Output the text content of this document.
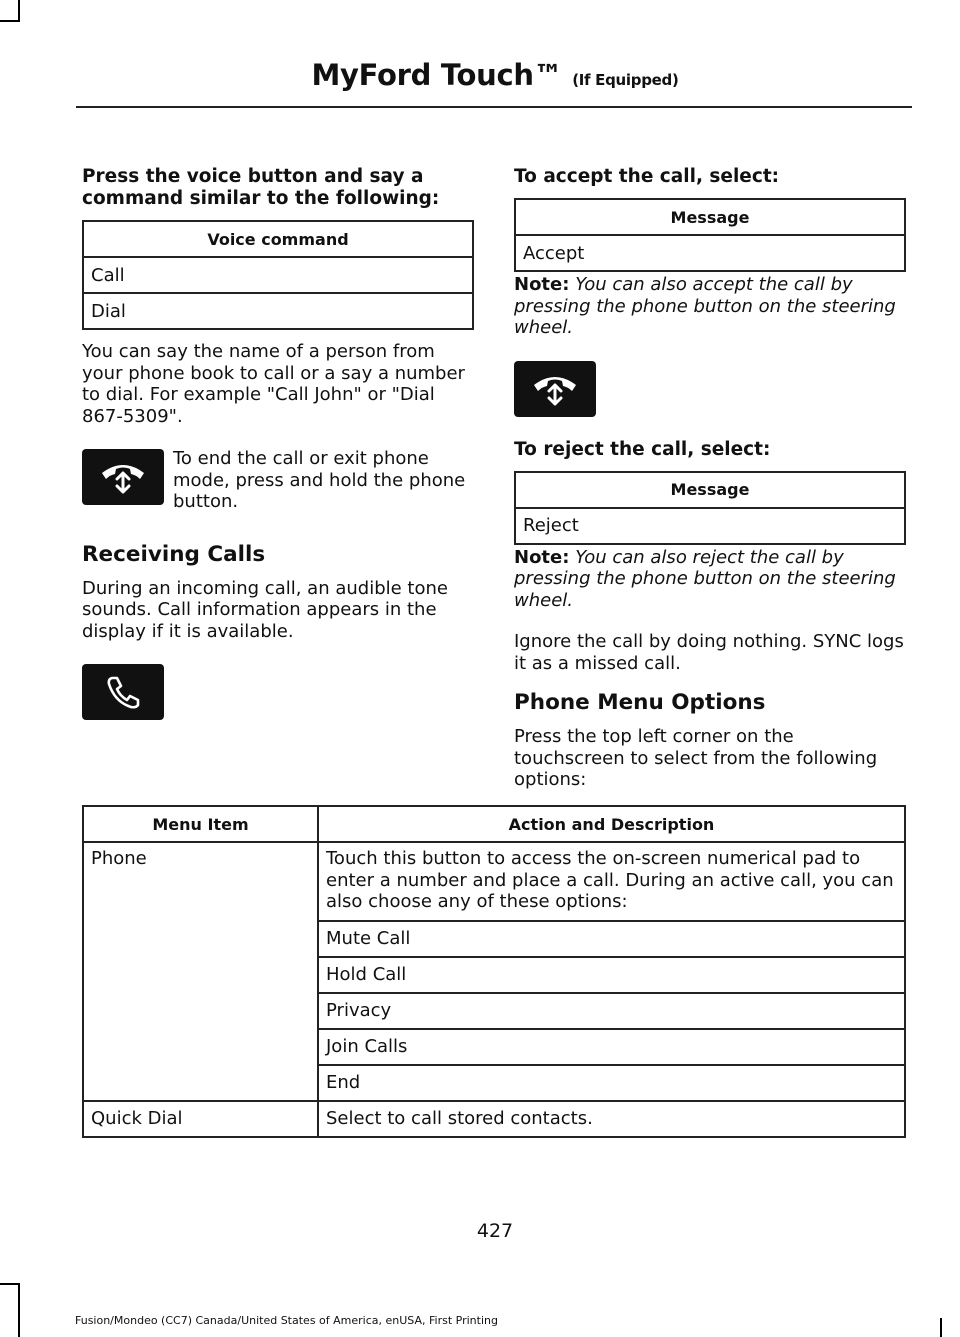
MyFord Touch™ (If Equipped)
Press the voice button and say a command similar to the following:
Voice command
Call
Dial
You can say the name of a person from your phone book to call or a say a number to dial. For example "Call John" or "Dial 867-5309".
To end the call or exit phone mode, press and hold the phone button.
Receiving Calls
During an incoming call, an audible tone sounds. Call information appears in the display if it is available.
To accept the call, select:
Message
Accept
Note: You can also accept the call by pressing the phone button on the steering wheel.
To reject the call, select:
Message
Reject
Note: You can also reject the call by pressing the phone button on the steering wheel.
Ignore the call by doing nothing. SYNC logs it as a missed call.
Phone Menu Options
Press the top left corner on the touchscreen to select from the following options:
Menu Item	Action and Description
Phone	Touch this button to access the on-screen numerical pad to enter a number and place a call. During an active call, you can also choose any of these options:
	Mute Call
	Hold Call
	Privacy
	Join Calls
	End
Quick Dial	Select to call stored contacts.
427
Fusion/Mondeo (CC7) Canada/United States of America, enUSA, First Printing
